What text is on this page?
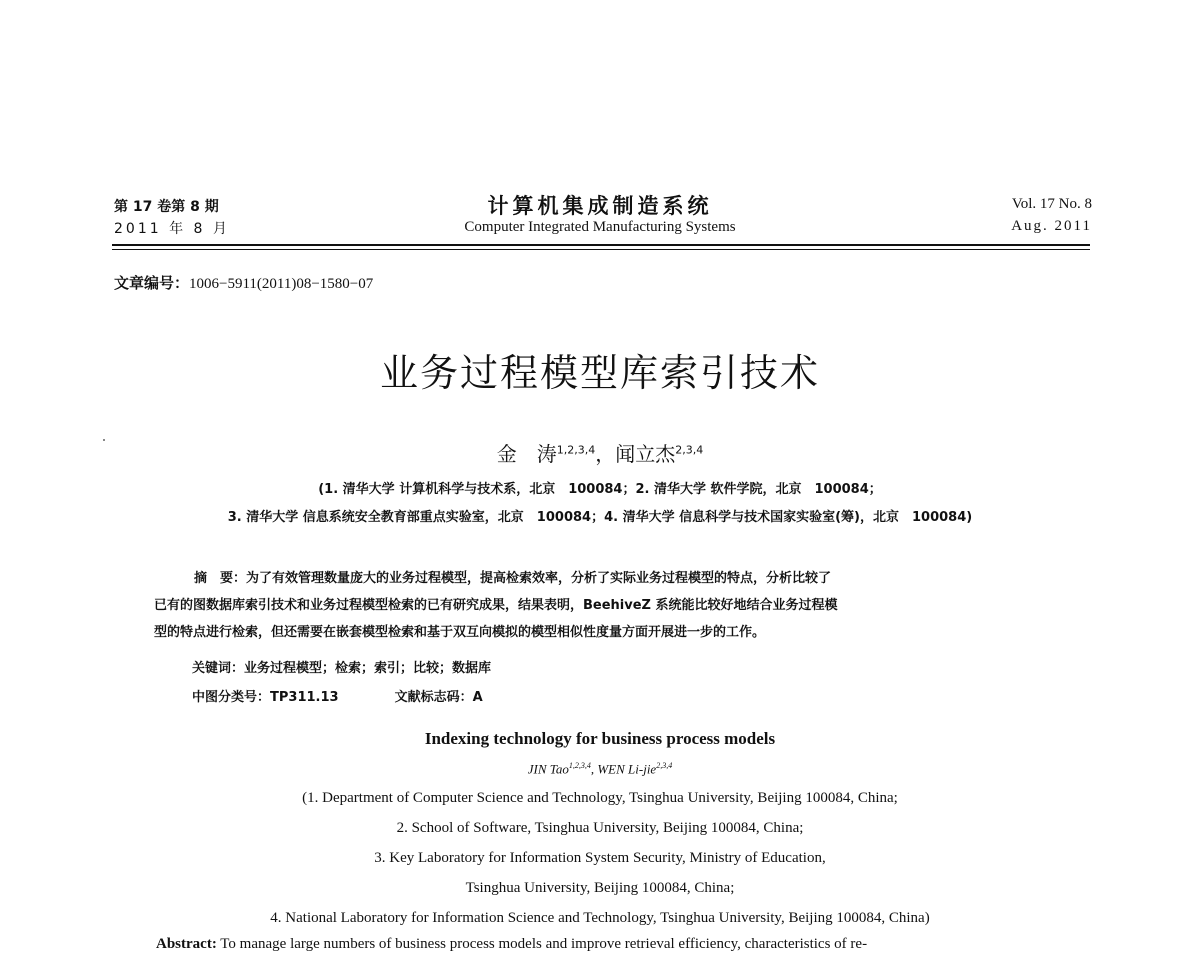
第 17 卷第 8 期
2011 年 8 月
计算机集成制造系统
Computer Integrated Manufacturing Systems
Vol. 17 No. 8
Aug. 2011
文章编号：1006−5911(2011)08−1580−07
业务过程模型库索引技术
金　涛$^{1,2,3,4}$，闻立杰$^{2,3,4}$
(1. 清华大学 计算机科学与技术系，北京　100084；2. 清华大学 软件学院，北京　100084；
3. 清华大学 信息系统安全教育部重点实验室，北京　100084；4. 清华大学 信息科学与技术国家实验室(筹)，北京　100084)
摘　要：为了有效管理数量庞大的业务过程模型，提高检索效率，分析了实际业务过程模型的特点，分析比较了
已有的图数据库索引技术和业务过程模型检索的已有研究成果，结果表明，BeehiveZ 系统能比较好地结合业务过程模
型的特点进行检索，但还需要在嵌套模型检索和基于双互向模拟的模型相似性度量方面开展进一步的工作。
关键词：业务过程模型；检索；索引；比较；数据库
中图分类号：TP311.13	文献标志码：A
Indexing technology for business process models
JIN Tao$^{1,2,3,4}$, WEN Li-jie$^{2,3,4}$
(1. Department of Computer Science and Technology, Tsinghua University, Beijing 100084, China;
2. School of Software, Tsinghua University, Beijing 100084, China;
3. Key Laboratory for Information System Security, Ministry of Education,
Tsinghua University, Beijing 100084, China;
4. National Laboratory for Information Science and Technology, Tsinghua University, Beijing 100084, China)
Abstract: To manage large numbers of business process models and improve retrieval efficiency, characteristics of re-
